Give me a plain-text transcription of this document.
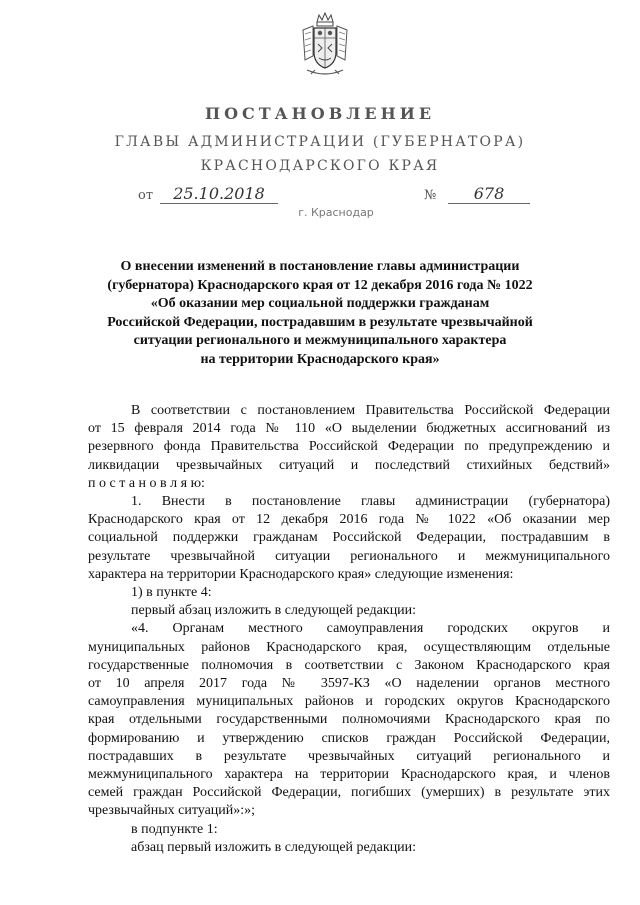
ПОСТАНОВЛЕНИЕ
ГЛАВЫ АДМИНИСТРАЦИИ (ГУБЕРНАТОРА)
КРАСНОДАРСКОГО КРАЯ
от	25.10.2018	№	678
г. Краснодар
О внесении изменений в постановление главы администрации
(губернатора) Краснодарского края от 12 декабря 2016 года № 1022
«Об оказании мер социальной поддержки гражданам
Российской Федерации, пострадавшим в результате чрезвычайной
ситуации регионального и межмуниципального характера
на территории Краснодарского края»
В соответствии с постановлением Правительства Российской Федерации
от 15 февраля 2014 года № 110 «О выделении бюджетных ассигнований из
резервного фонда Правительства Российской Федерации по предупреждению и
ликвидации чрезвычайных ситуаций и последствий стихийных бедствий»
п о с т а н о в л я ю:
1. Внести в постановление главы администрации (губернатора)
Краснодарского края от 12 декабря 2016 года № 1022 «Об оказании мер
социальной поддержки гражданам Российской Федерации, пострадавшим в
результате чрезвычайной ситуации регионального и межмуниципального
характера на территории Краснодарского края» следующие изменения:
1) в пункте 4:
первый абзац изложить в следующей редакции:
«4. Органам местного самоуправления городских округов и
муниципальных районов Краснодарского края, осуществляющим отдельные
государственные полномочия в соответствии с Законом Краснодарского края
от 10 апреля 2017 года № 3597-КЗ «О наделении органов местного
самоуправления муниципальных районов и городских округов Краснодарского
края отдельными государственными полномочиями Краснодарского края по
формированию и утверждению списков граждан Российской Федерации,
пострадавших в результате чрезвычайных ситуаций регионального и
межмуниципального характера на территории Краснодарского края, и членов
семей граждан Российской Федерации, погибших (умерших) в результате этих
чрезвычайных ситуаций»:»;
в подпункте 1:
абзац первый изложить в следующей редакции:
